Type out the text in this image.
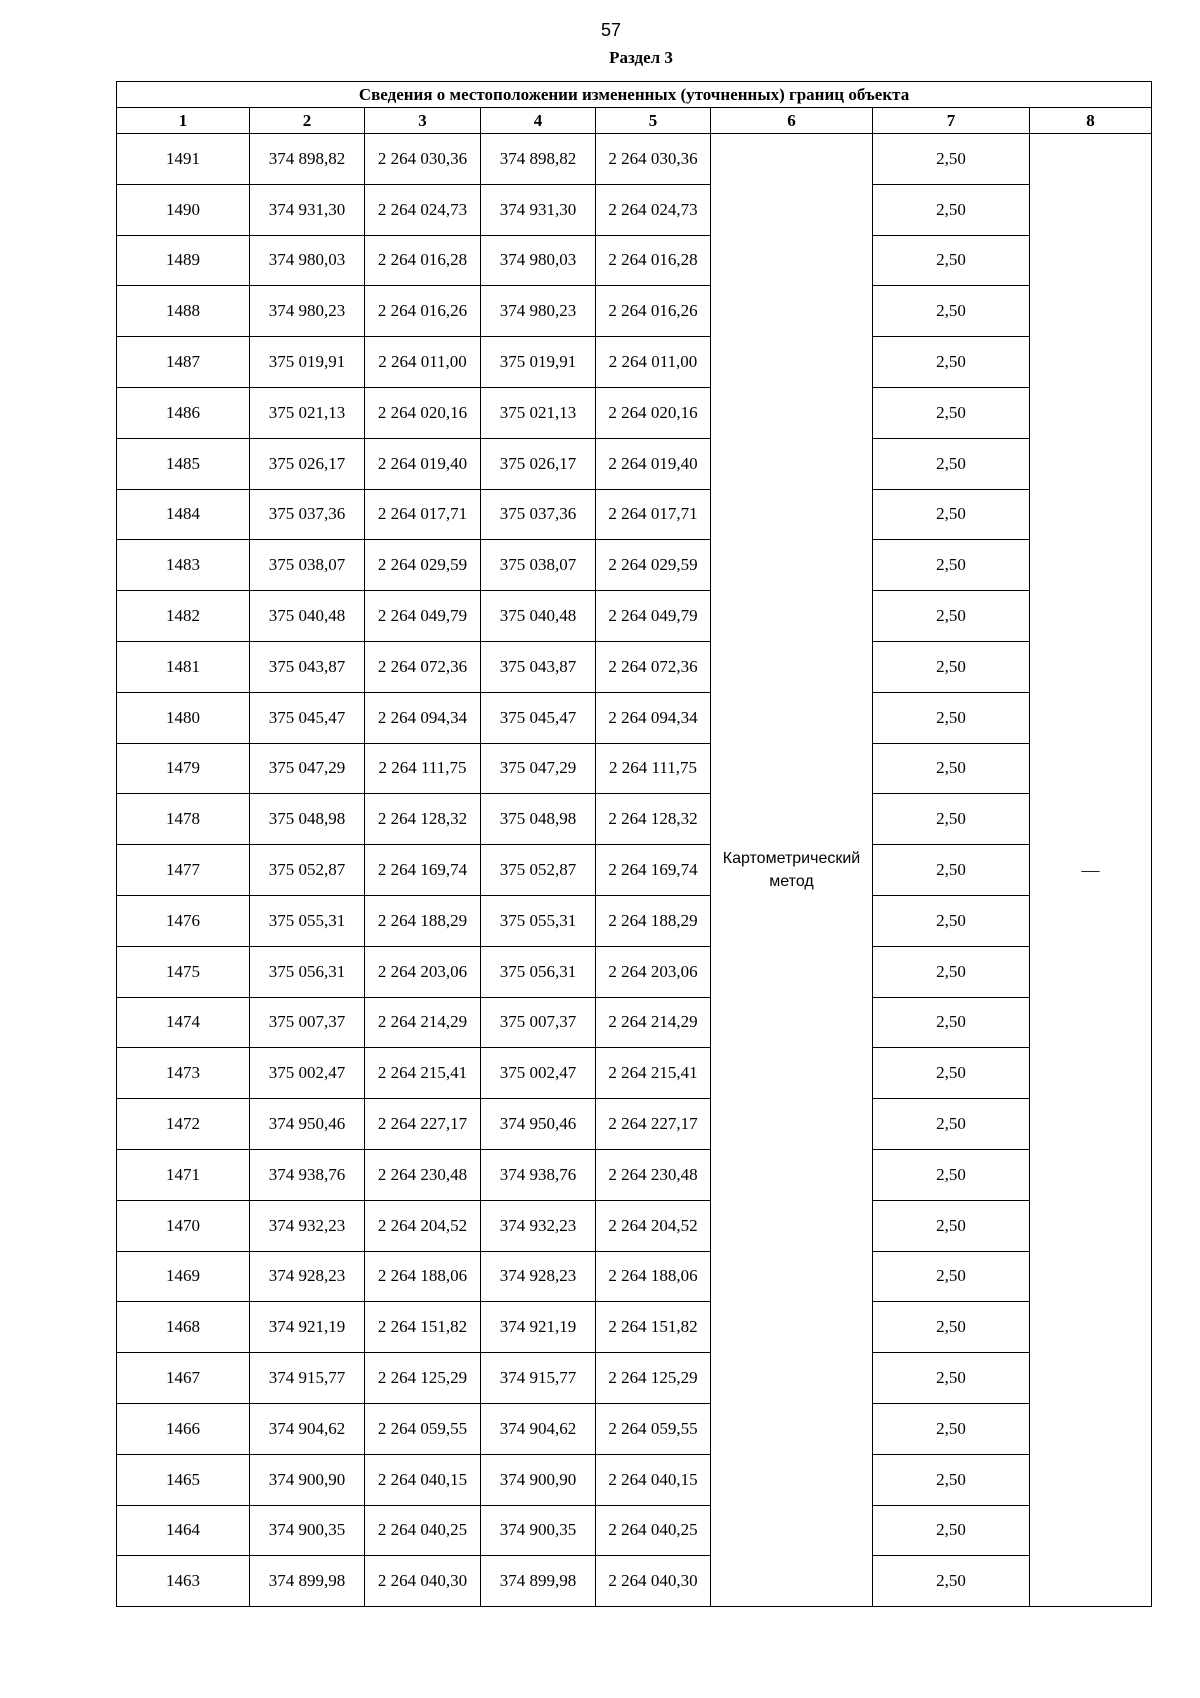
57
Раздел 3
Сведения о местоположении измененных (уточненных) границ объекта							
1	2	3	4	5	6	7	8
1491	374 898,82	2 264 030,36	374 898,82	2 264 030,36	Картометрический метод	2,50	—
1490	374 931,30	2 264 024,73	374 931,30	2 264 024,73		2,50	
1489	374 980,03	2 264 016,28	374 980,03	2 264 016,28		2,50	
1488	374 980,23	2 264 016,26	374 980,23	2 264 016,26		2,50	
1487	375 019,91	2 264 011,00	375 019,91	2 264 011,00		2,50	
1486	375 021,13	2 264 020,16	375 021,13	2 264 020,16		2,50	
1485	375 026,17	2 264 019,40	375 026,17	2 264 019,40		2,50	
1484	375 037,36	2 264 017,71	375 037,36	2 264 017,71		2,50	
1483	375 038,07	2 264 029,59	375 038,07	2 264 029,59		2,50	
1482	375 040,48	2 264 049,79	375 040,48	2 264 049,79		2,50	
1481	375 043,87	2 264 072,36	375 043,87	2 264 072,36		2,50	
1480	375 045,47	2 264 094,34	375 045,47	2 264 094,34		2,50	
1479	375 047,29	2 264 111,75	375 047,29	2 264 111,75		2,50	
1478	375 048,98	2 264 128,32	375 048,98	2 264 128,32		2,50	
1477	375 052,87	2 264 169,74	375 052,87	2 264 169,74		2,50	
1476	375 055,31	2 264 188,29	375 055,31	2 264 188,29		2,50	
1475	375 056,31	2 264 203,06	375 056,31	2 264 203,06		2,50	
1474	375 007,37	2 264 214,29	375 007,37	2 264 214,29		2,50	
1473	375 002,47	2 264 215,41	375 002,47	2 264 215,41		2,50	
1472	374 950,46	2 264 227,17	374 950,46	2 264 227,17		2,50	
1471	374 938,76	2 264 230,48	374 938,76	2 264 230,48		2,50	
1470	374 932,23	2 264 204,52	374 932,23	2 264 204,52		2,50	
1469	374 928,23	2 264 188,06	374 928,23	2 264 188,06		2,50	
1468	374 921,19	2 264 151,82	374 921,19	2 264 151,82		2,50	
1467	374 915,77	2 264 125,29	374 915,77	2 264 125,29		2,50	
1466	374 904,62	2 264 059,55	374 904,62	2 264 059,55		2,50	
1465	374 900,90	2 264 040,15	374 900,90	2 264 040,15		2,50	
1464	374 900,35	2 264 040,25	374 900,35	2 264 040,25		2,50	
1463	374 899,98	2 264 040,30	374 899,98	2 264 040,30		2,50	
